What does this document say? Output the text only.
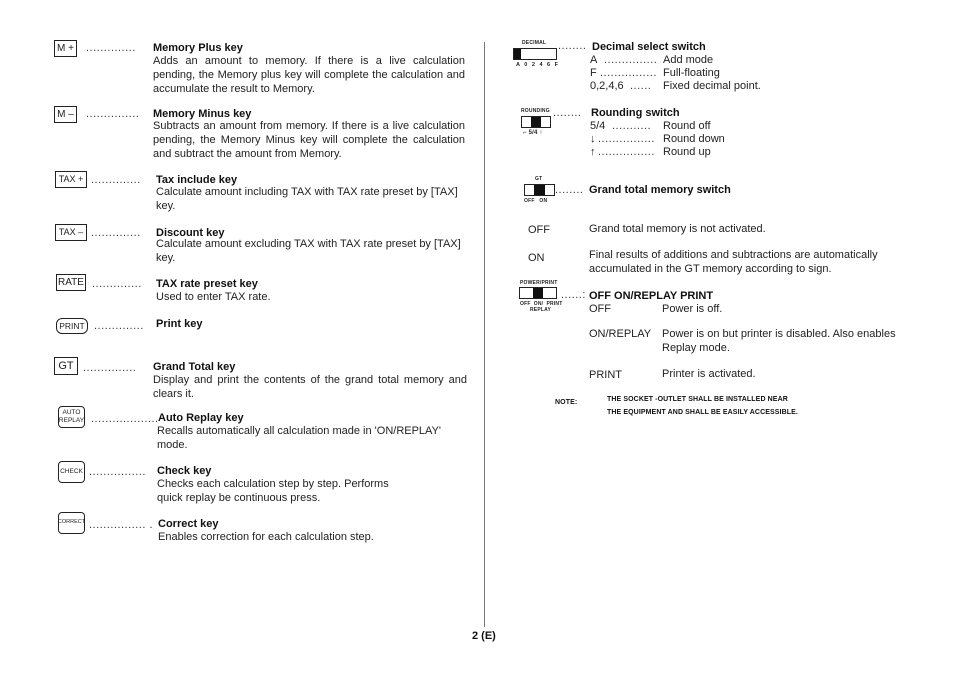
M + .............. Memory Plus key
Adds an amount to memory. If there is a live calculation pending, the Memory plus key will complete the calculation and accumulate the result to Memory.
M – ............... Memory Minus key
Subtracts an amount from memory. If there is a live calculation pending, the Memory Minus key will complete the calculation and subtract the amount from Memory.
TAX + .............. Tax include key
Calculate amount including TAX with TAX rate preset by [TAX] key.
TAX – .............. Discount key
Calculate amount excluding TAX with TAX rate preset by [TAX] key.
RATE .............. TAX rate preset key
Used to enter TAX rate.
PRINT .............. Print key
GT ............... Grand Total key
Display and print the contents of the grand total memory and clears it.
AUTO REPLAY ................... Auto Replay key
Recalls automatically all calculation made in 'ON/REPLAY' mode.
CHECK ................ Check key
Checks each calculation step by step. Performs quick replay be continuous press.
CORRECT ................ . Correct key
Enables correction for each calculation step.
DECIMAL
A 0 2 4 6 F
........ Decimal select switch
A ............... Add mode
F ................ Full-floating
0,2,4,6 ...... Fixed decimal point.
ROUNDING
⌐ 5/4 ↑
........ Rounding switch
5/4 ........... Round off
↓ ................ Round down
↑ ................ Round up
GT
OFF   ON
........ Grand total memory switch
OFF	Grand total memory is not activated.
ON	Final results of additions and subtractions are automatically accumulated in the GT memory according to sign.
POWER/PRINT
OFF  ON/  PRINT
REPLAY
......: OFF ON/REPLAY PRINT
OFF	Power is off.
ON/REPLAY Power is on but printer is disabled. Also enables Replay mode.
PRINT	Printer is activated.
NOTE:	THE SOCKET -OUTLET SHALL BE INSTALLED NEAR
THE EQUIPMENT AND SHALL BE EASILY ACCESSIBLE.
2 (E)
